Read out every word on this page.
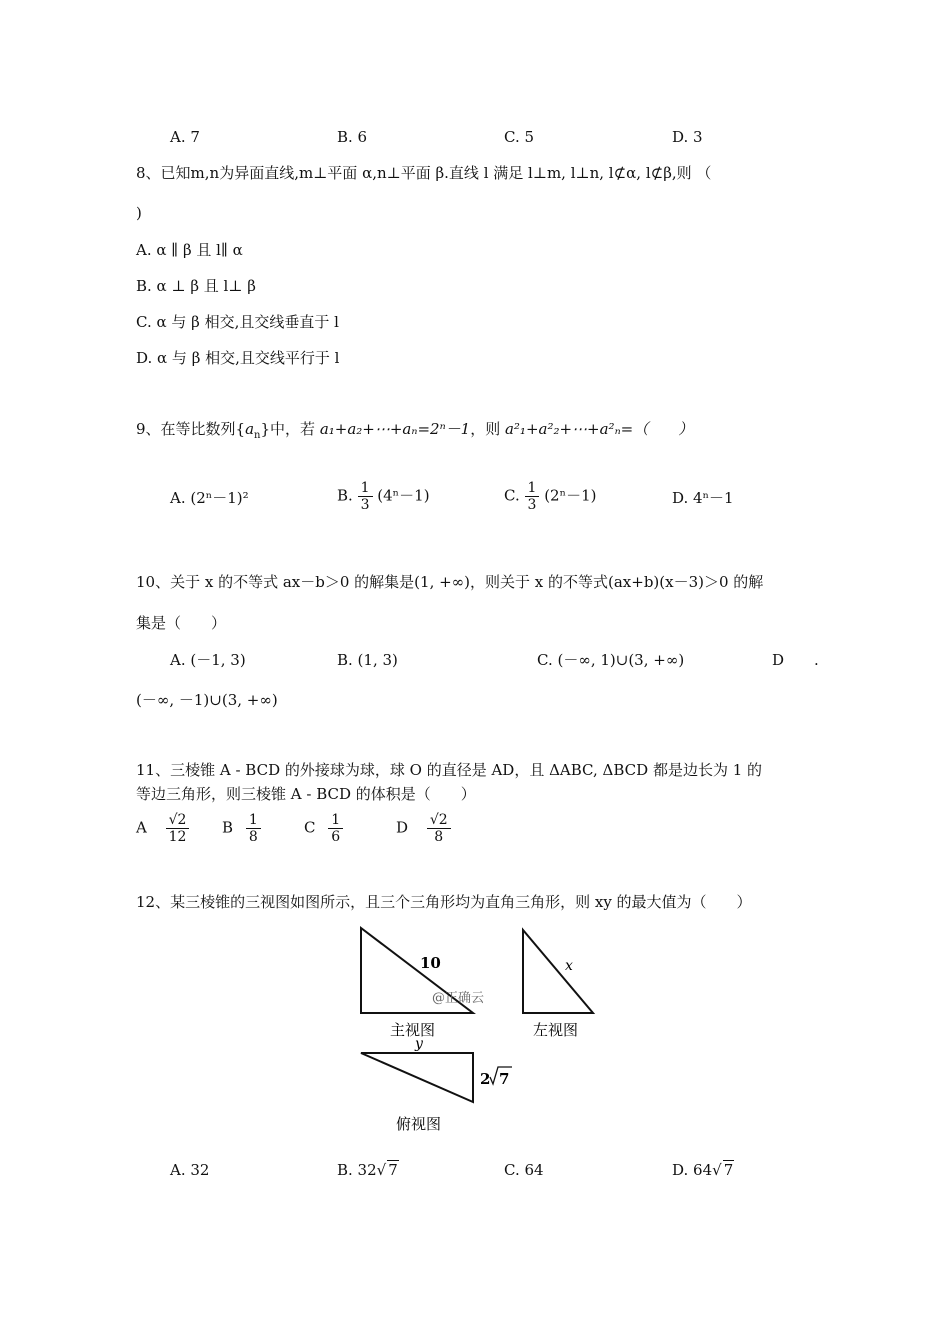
A. 7	B. 6	C. 5	D. 3
8、已知m,n为异面直线,m⊥平面 α,n⊥平面 β.直线 l 满足 l⊥m, l⊥n, l⊄α, l⊄β,则 （
)
A. α ∥ β 且 l∥ α
B. α ⊥ β 且 l⊥ β
C. α 与 β 相交,且交线垂直于 l
D. α 与 β 相交,且交线平行于 l
9、在等比数列$\{a_n\}$中，若 a₁+a₂+⋯+aₙ=2ⁿ－1，则 a²₁+a²₂+⋯+a²ₙ=（　　）
A. (2ⁿ－1)²	B. $\frac{1}{3} (4^n-1)$	C. $\frac{1}{3} (2^n-1)$	D. 4ⁿ－1
10、关于 x 的不等式 ax－b＞0 的解集是(1, +∞)，则关于 x 的不等式(ax+b)(x－3)＞0 的解
集是（　　）
A. (－1, 3)	B. (1, 3)	C. (－∞, 1)∪(3, +∞)	D　　.
(－∞, －1)∪(3, +∞)
11、三棱锥 A - BCD 的外接球为球，球 O 的直径是 AD，且 ΔABC, ΔBCD 都是边长为 1 的
等边三角形，则三棱锥 A - BCD 的体积是（　　）
A $\frac{√2}{12}$ B $\frac{1}{8}$	C $\frac{1}{6}$	D $\frac{√2}{8}$
12、某三棱锥的三视图如图所示，且三个三角形均为直角三角形，则 xy 的最大值为（　　）
10
@正确云
主视图
x
左视图
y
2 7
俯视图
A. 32	B. 32√ 7	C. 64	D. 64√ 7
